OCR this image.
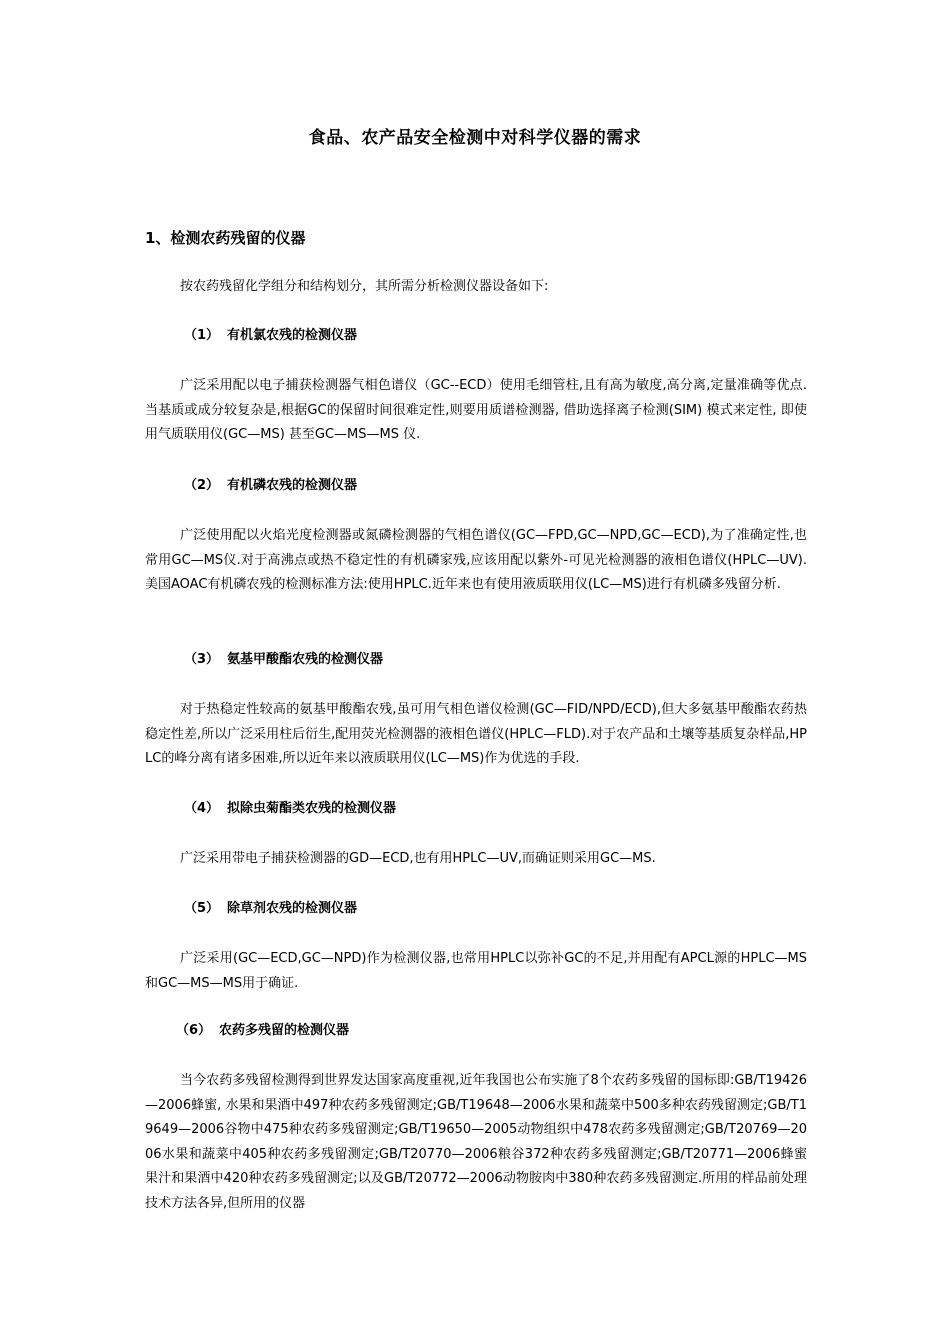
食品、农产品安全检测中对科学仪器的需求
1、检测农药残留的仪器

按农药残留化学组分和结构划分，其所需分析检测仪器设备如下:

（1） 有机氯农残的检测仪器

广泛采用配以电子捕获检测器气相色谱仪（GC--ECD）使用毛细管柱,且有高为敏度,高分离,定量准确等优点.当基质或成分较复杂是,根据GC的保留时间很难定性,则要用质谱检测器, 借助选择离子检测(SIM) 模式来定性, 即使用气质联用仪(GC—MS) 甚至GC—MS—MS 仪.

（2） 有机磷农残的检测仪器

广泛使用配以火焰光度检测器或氮磷检测器的气相色谱仪(GC—FPD,GC—NPD,GC—ECD),为了准确定性,也常用GC—MS仪.对于高沸点或热不稳定性的有机磷家残,应该用配以紫外-可见光检测器的液相色谱仪(HPLC—UV).美国AOAC有机磷农残的检测标准方法:使用HPLC.近年来也有使用液质联用仪(LC—MS)进行有机磷多残留分析.

（3） 氨基甲酸酯农残的检测仪器

对于热稳定性较高的氨基甲酸酯农残,虽可用气相色谱仪检测(GC—FID/NPD/ECD),但大多氨基甲酸酯农药热稳定性差,所以广泛采用柱后衍生,配用荧光检测器的液相色谱仪(HPLC—FLD).对于农产品和土壤等基质复杂样品,HPLC的峰分离有诸多困难,所以近年来以液质联用仪(LC—MS)作为优选的手段.

（4） 拟除虫菊酯类农残的检测仪器

广泛采用带电子捕获检测器的GD—ECD,也有用HPLC—UV,而确证则采用GC—MS.

（5） 除草剂农残的检测仪器

广泛采用(GC—ECD,GC—NPD)作为检测仪器,也常用HPLC以弥补GC的不足,并用配有APCL源的HPLC—MS和GC—MS—MS用于确证.

（6） 农药多残留的检测仪器

当今农药多残留检测得到世界发达国家高度重视,近年我国也公布实施了8个农药多残留的国标即:GB/T19426—2006蜂蜜, 水果和果酒中497种农药多残留测定;GB/T19648—2006水果和蔬菜中500多种农药残留测定;GB/T19649—2006谷物中475种农药多残留测定;GB/T19650—2005动物组织中478农药多残留测定;GB/T20769—2006水果和蔬菜中405种农药多残留测定;GB/T20770—2006粮谷372种农药多残留测定;GB/T20771—2006蜂蜜果汁和果酒中420种农药多残留测定;以及GB/T20772—2006动物胺肉中380种农药多残留测定.所用的样品前处理技术方法各异,但所用的仪器
